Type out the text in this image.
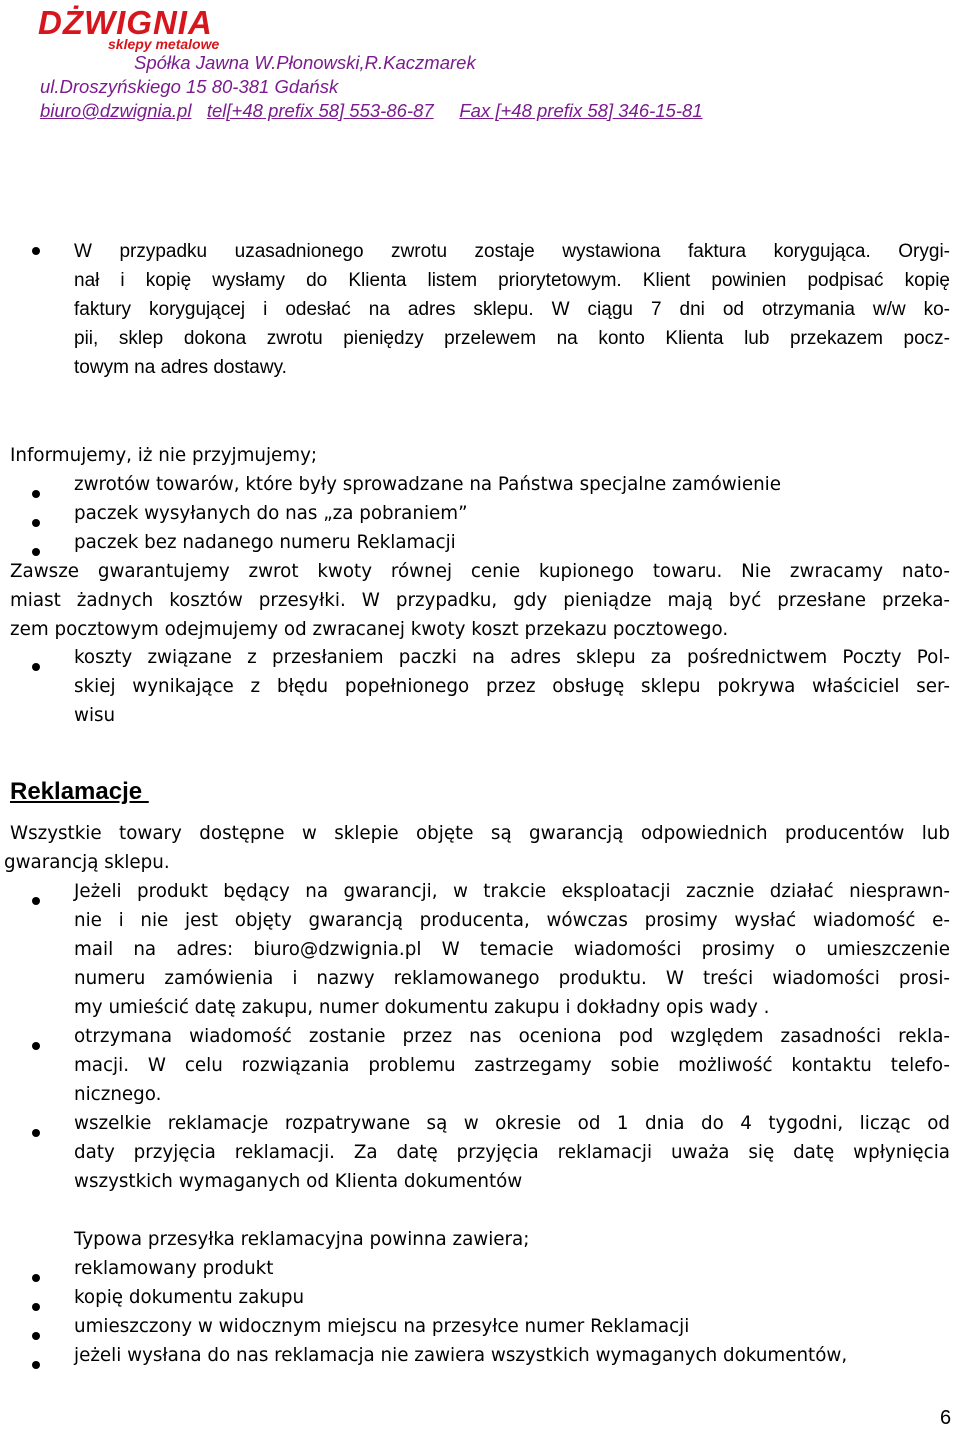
DŻWIGNIA
sklepy metalowe
Spółka Jawna W.Płonowski,R.Kaczmarek
ul.Droszyńskiego 15 80-381 Gdańsk
biuro@dzwignia.pl tel[+48 prefix 58] 553-86-87 Fax [+48 prefix 58] 346-15-81
W przypadku uzasadnionego zwrotu zostaje wystawiona faktura korygująca. Orygi-
nał i kopię wysłamy do Klienta listem priorytetowym. Klient powinien podpisać kopię
faktury korygującej i odesłać na adres sklepu. W ciągu 7 dni od otrzymania w/w ko-
pii, sklep dokona zwrotu pieniędzy przelewem na konto Klienta lub przekazem pocz-
towym na adres dostawy.
Informujemy, iż nie przyjmujemy;
zwrotów towarów, które były sprowadzane na Państwa specjalne zamówienie
paczek wysyłanych do nas „za pobraniem”
paczek bez nadanego numeru Reklamacji
Zawsze gwarantujemy zwrot kwoty równej cenie kupionego towaru. Nie zwracamy nato-
miast żadnych kosztów przesyłki. W przypadku, gdy pieniądze mają być przesłane przeka-
zem pocztowym odejmujemy od zwracanej kwoty koszt przekazu pocztowego.
koszty związane z przesłaniem paczki na adres sklepu za pośrednictwem Poczty Pol-
skiej wynikające z błędu popełnionego przez obsługę sklepu pokrywa właściciel ser-
wisu
Reklamacje
Wszystkie towary dostępne w sklepie objęte są gwarancją odpowiednich producentów lub
gwarancją sklepu.
Jeżeli produkt będący na gwarancji, w trakcie eksploatacji zacznie działać niesprawn-
nie i nie jest objęty gwarancją producenta, wówczas prosimy wysłać wiadomość e-
mail na adres: biuro@dzwignia.pl W temacie wiadomości prosimy o umieszczenie
numeru zamówienia i nazwy reklamowanego produktu. W treści wiadomości prosi-
my umieścić datę zakupu, numer dokumentu zakupu i dokładny opis wady .
otrzymana wiadomość zostanie przez nas oceniona pod względem zasadności rekla-
macji. W celu rozwiązania problemu zastrzegamy sobie możliwość kontaktu telefo-
nicznego.
wszelkie reklamacje rozpatrywane są w okresie od 1 dnia do 4 tygodni, licząc od
daty przyjęcia reklamacji. Za datę przyjęcia reklamacji uważa się datę wpłynięcia
wszystkich wymaganych od Klienta dokumentów
Typowa przesyłka reklamacyjna powinna zawiera;
reklamowany produkt
kopię dokumentu zakupu
umieszczony w widocznym miejscu na przesyłce numer Reklamacji
jeżeli wysłana do nas reklamacja nie zawiera wszystkich wymaganych dokumentów,
6
